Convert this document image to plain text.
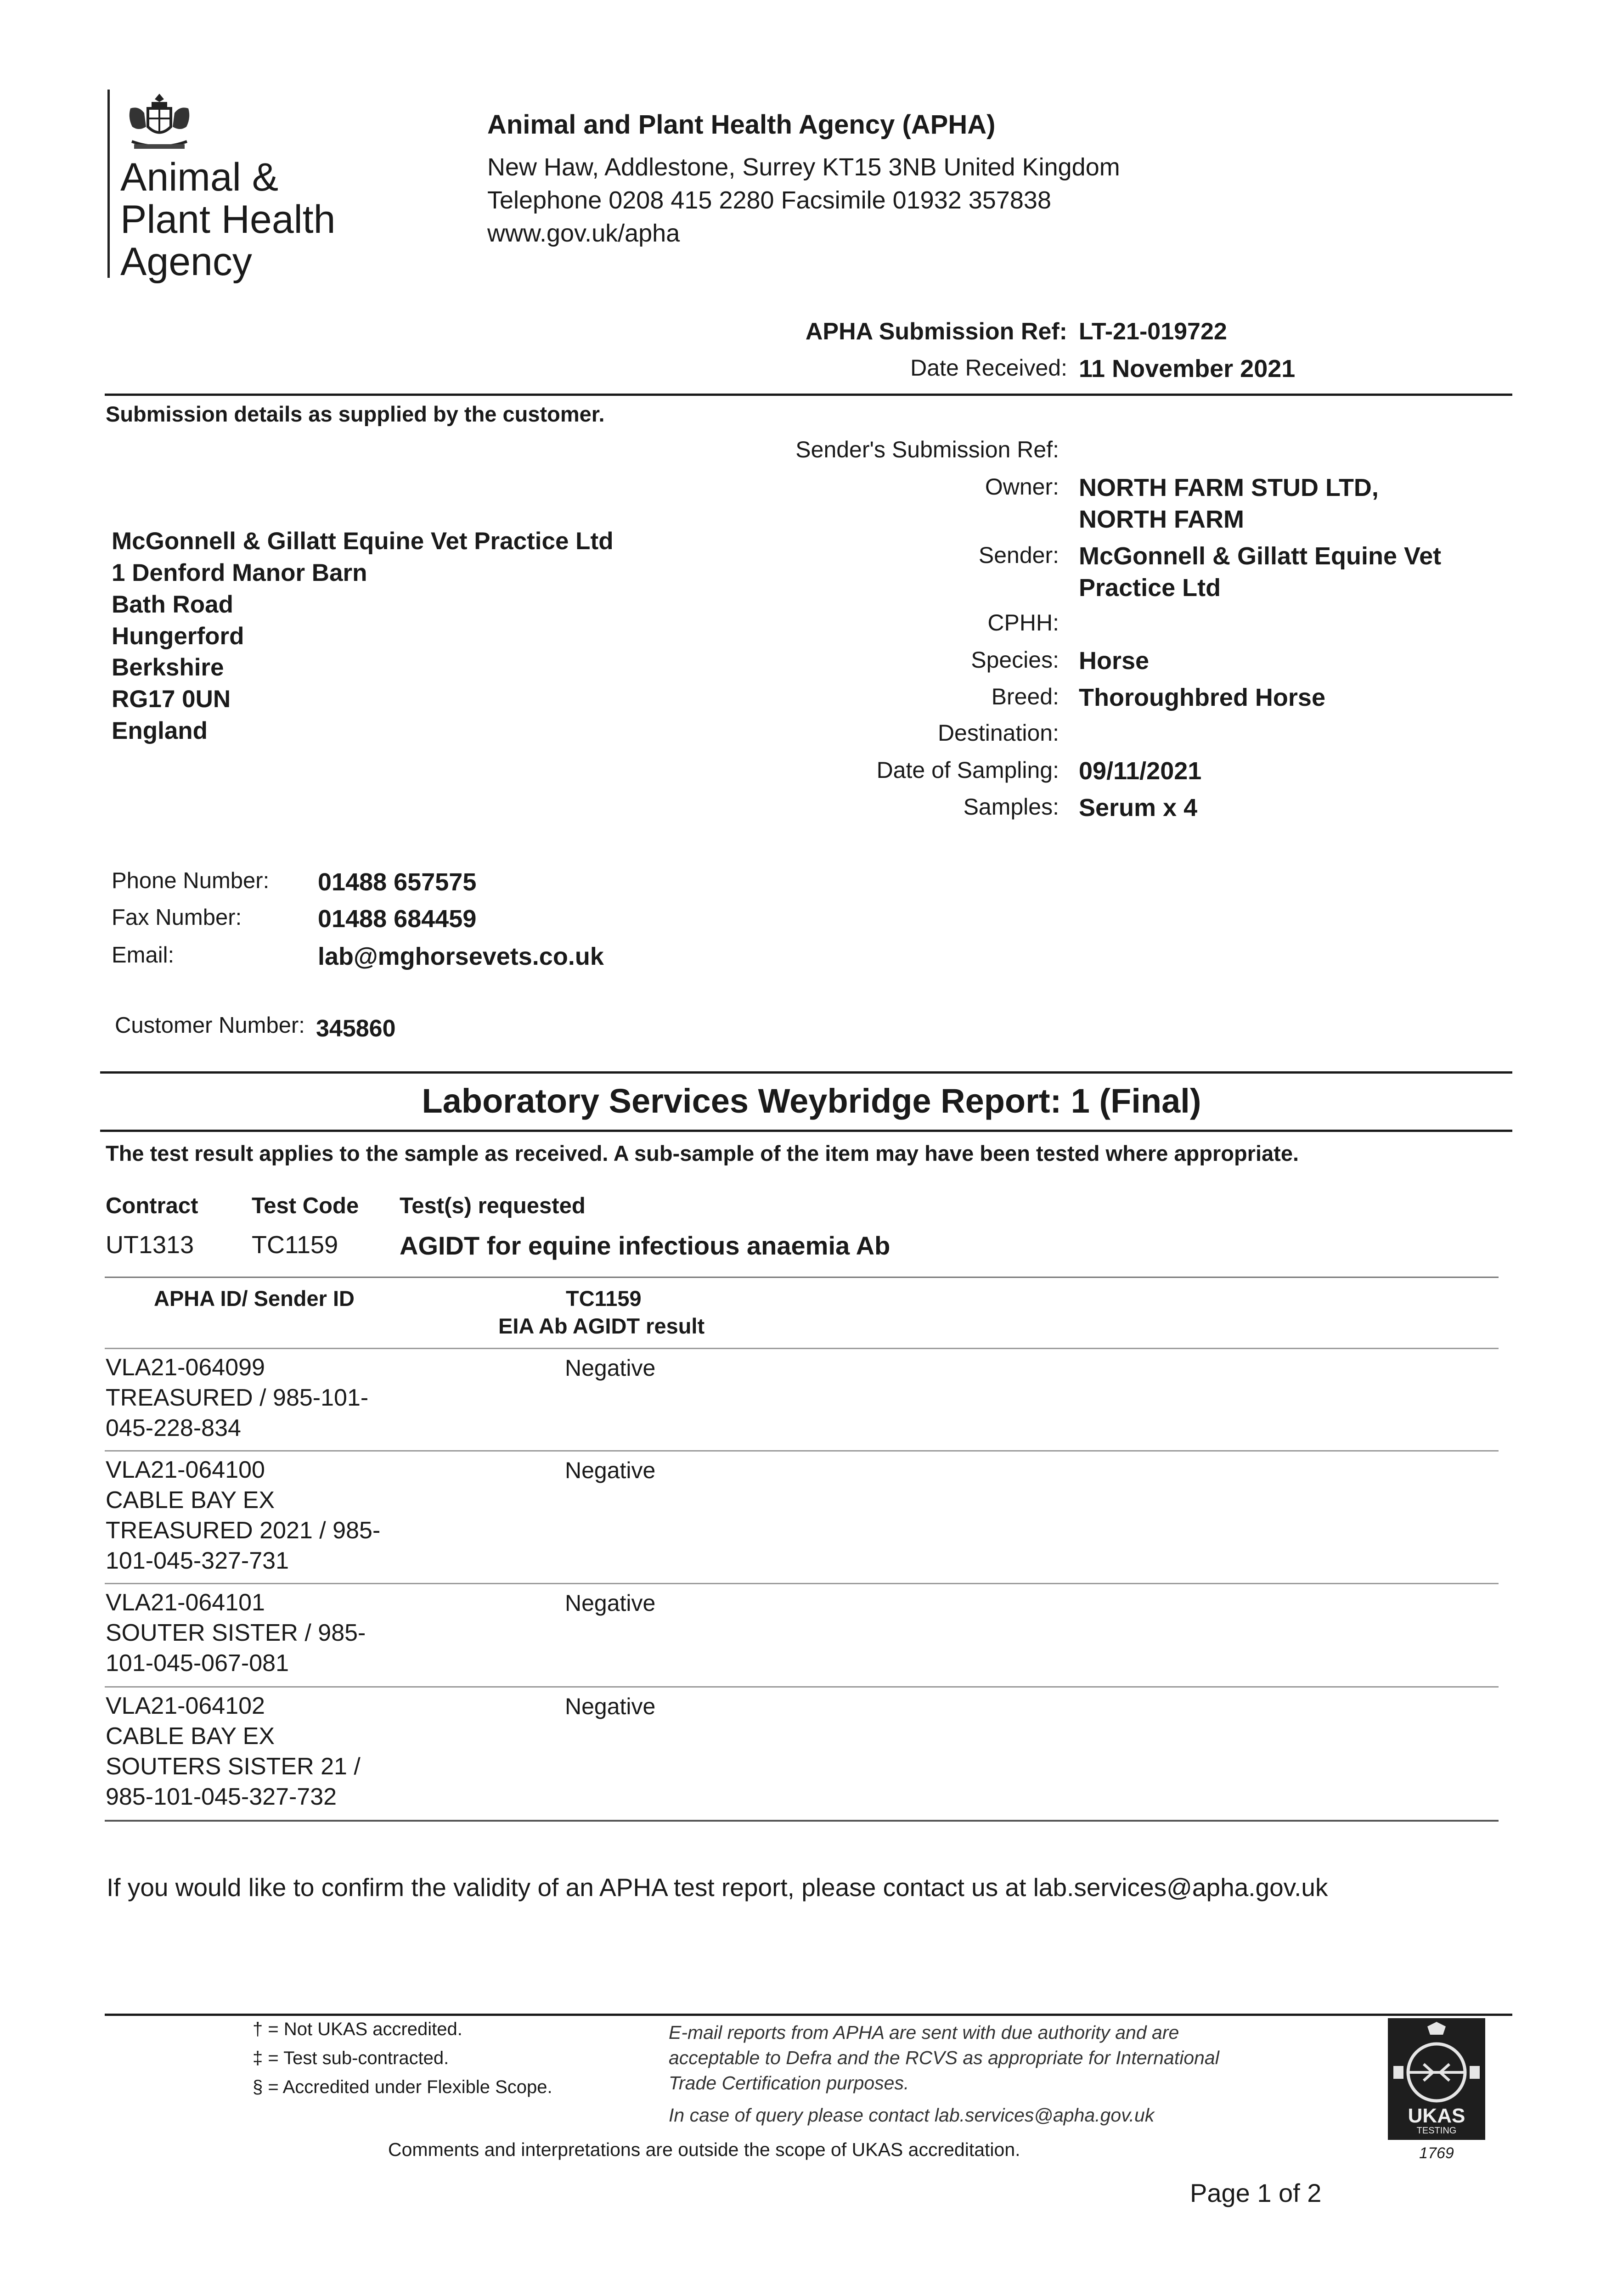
Animal &
Plant Health
Agency
Animal and Plant Health Agency (APHA)
New Haw, Addlestone, Surrey KT15 3NB United Kingdom
Telephone 0208 415 2280 Facsimile 01932 357838
www.gov.uk/apha
APHA Submission Ref: LT-21-019722
Date Received: 11 November 2021
Submission details as supplied by the customer.
McGonnell & Gillatt Equine Vet Practice Ltd
1 Denford Manor Barn
Bath Road
Hungerford
Berkshire
RG17 0UN
England
Sender's Submission Ref:
Owner: NORTH FARM STUD LTD,
NORTH FARM
Sender: McGonnell & Gillatt Equine Vet
Practice Ltd
CPHH:
Species: Horse
Breed: Thoroughbred Horse
Destination:
Date of Sampling: 09/11/2021
Samples: Serum x 4
Phone Number: 01488 657575
Fax Number:	01488 684459
Email:	lab@mghorsevets.co.uk
Customer Number: 345860
Laboratory Services Weybridge Report: 1 (Final)
The test result applies to the sample as received. A sub-sample of the item may have been tested where appropriate.
Contract Test Code Test(s) requested
UT1313 TC1159 AGIDT for equine infectious anaemia Ab
APHA ID/ Sender ID	TC1159
EIA Ab AGIDT result
VLA21-064099
TREASURED / 985-101-
045-228-834
Negative
VLA21-064100
CABLE BAY EX
TREASURED 2021 / 985-
101-045-327-731
Negative
VLA21-064101
SOUTER SISTER / 985-
101-045-067-081
Negative
VLA21-064102
CABLE BAY EX
SOUTERS SISTER 21 /
985-101-045-327-732
Negative
If you would like to confirm the validity of an APHA test report, please contact us at lab.services@apha.gov.uk
† = Not UKAS accredited.
‡ = Test sub-contracted.
§ = Accredited under Flexible Scope.
E-mail reports from APHA are sent with due authority and are
acceptable to Defra and the RCVS as appropriate for International
Trade Certification purposes.
In case of query please contact lab.services@apha.gov.uk
Comments and interpretations are outside the scope of UKAS accreditation.
UKAS
TESTING
1769
Page 1 of 2
